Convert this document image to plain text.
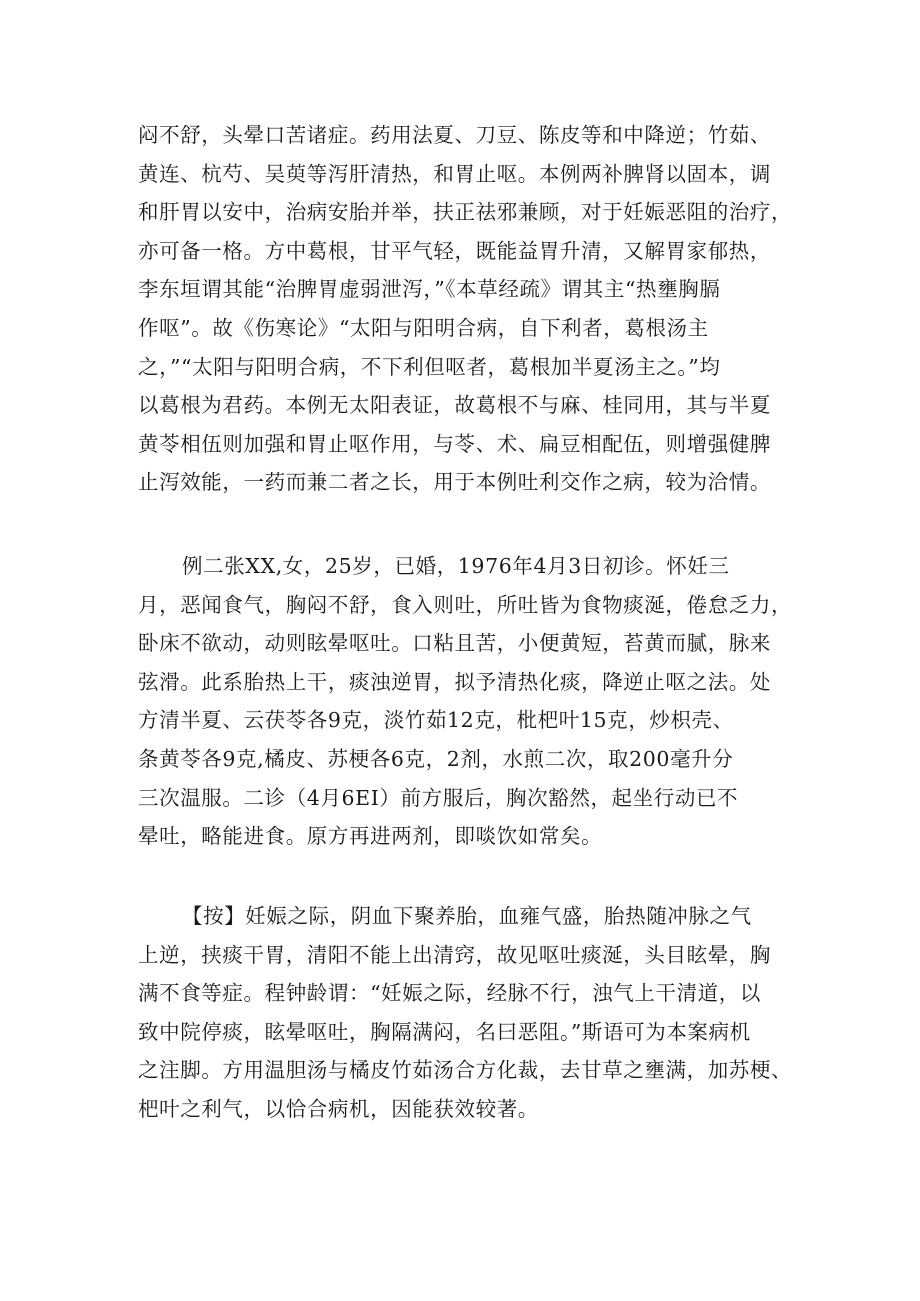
闷不舒，头晕口苦诸症。药用法夏、刀豆、陈皮等和中降逆；竹茹、
黄连、杭芍、吴萸等泻肝清热，和胃止呕。本例两补脾肾以固本，调
和肝胃以安中，治病安胎并举，扶正祛邪兼顾，对于妊娠恶阻的治疗，
亦可备一格。方中葛根，甘平气轻，既能益胃升清，又解胃家郁热，
李东垣谓其能“治脾胃虚弱泄泻，”《本草经疏》谓其主“热壅胸膈
作呕”。故《伤寒论》“太阳与阳明合病，自下利者，葛根汤主
之，”“太阳与阳明合病，不下利但呕者，葛根加半夏汤主之。”均
以葛根为君药。本例无太阳表证，故葛根不与麻、桂同用，其与半夏
黄苓相伍则加强和胃止呕作用，与苓、术、扁豆相配伍，则增强健脾
止泻效能，一药而兼二者之长，用于本例吐利交作之病，较为洽情。
例二张XX,女，25岁，已婚，1976年4月3日初诊。怀妊三
月，恶闻食气，胸闷不舒，食入则吐，所吐皆为食物痰涎，倦怠乏力，
卧床不欲动，动则眩晕呕吐。口粘且苦，小便黄短，苔黄而腻，脉来
弦滑。此系胎热上干，痰浊逆胃，拟予清热化痰，降逆止呕之法。处
方清半夏、云茯苓各9克，淡竹茹12克，枇杷叶15克，炒枳壳、
条黄苓各9克,橘皮、苏梗各6克，2剂，水煎二次，取200毫升分
三次温服。二诊（4月6EI）前方服后，胸次豁然，起坐行动已不
晕吐，略能进食。原方再进两剂，即啖饮如常矣。
【按】妊娠之际，阴血下聚养胎，血雍气盛，胎热随冲脉之气
上逆，挟痰干胃，清阳不能上出清窍，故见呕吐痰涎，头目眩晕，胸
满不食等症。程钟龄谓：“妊娠之际，经脉不行，浊气上干清道，以
致中院停痰，眩晕呕吐，胸隔满闷，名曰恶阻。”斯语可为本案病机
之注脚。方用温胆汤与橘皮竹茹汤合方化裁，去甘草之壅满，加苏梗、
杷叶之利气，以恰合病机，因能获效较著。
